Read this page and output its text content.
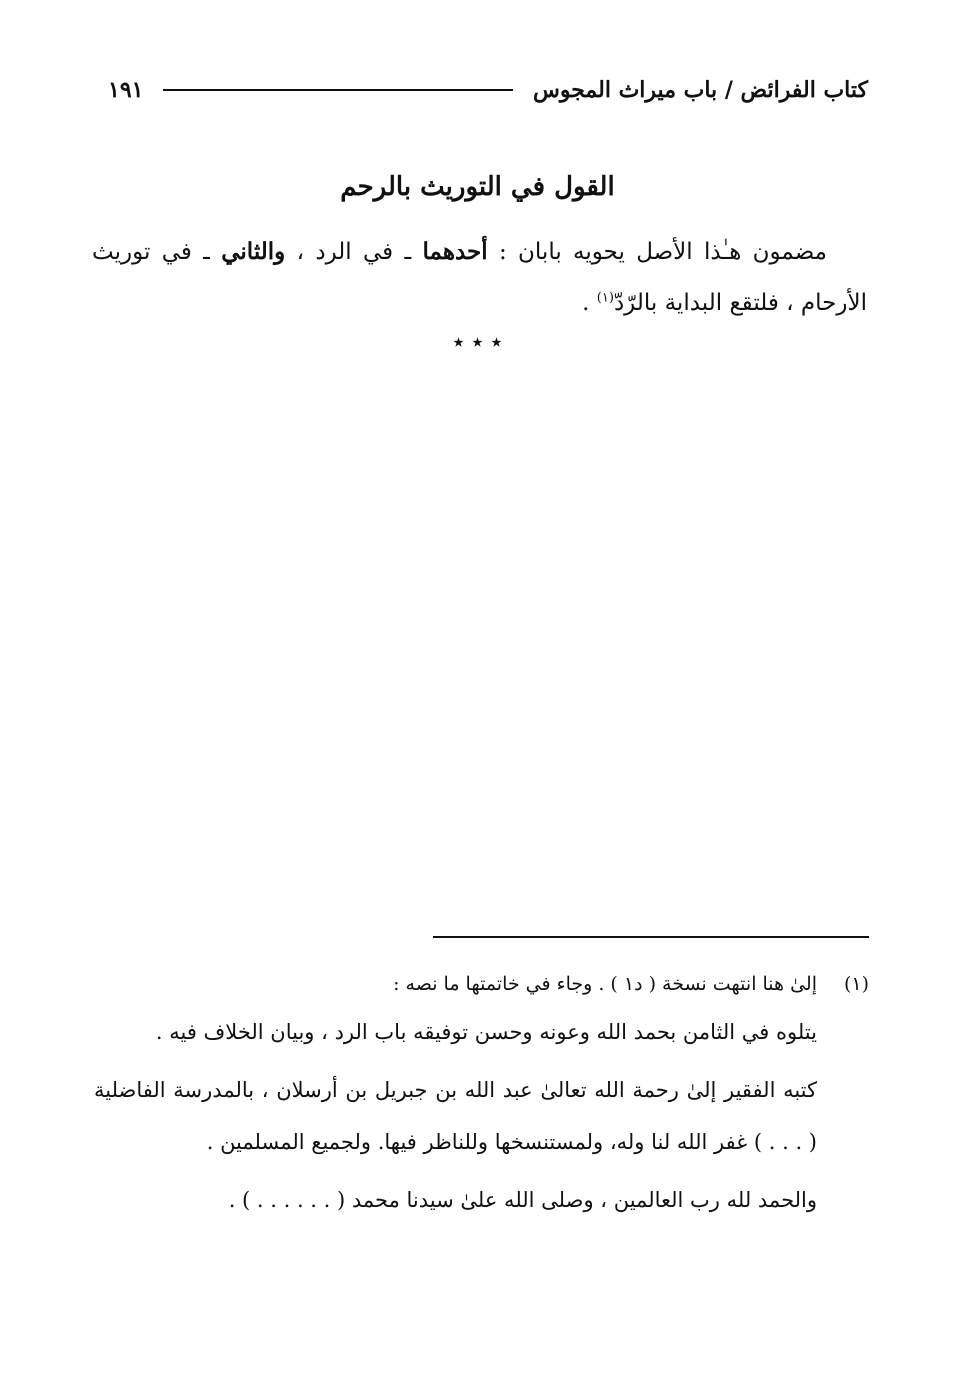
كتاب الفرائض / باب ميراث المجوس
١٩١
القول في التوريث بالرحم

مضمون هـٰذا الأصل يحويه بابان : أحدهما ـ في الرد ، والثاني ـ في توريث الأرحام ، فلتقع البداية بالرّدّ$^{(١)}$ .

٭ ٭ ٭
(١)
إلىٰ هنا انتهت نسخة ( د١ ) . وجاء في خاتمتها ما نصه :

يتلوه في الثامن بحمد الله وعونه وحسن توفيقه باب الرد ، وبيان الخلاف فيه .

كتبه الفقير إلىٰ رحمة الله تعالىٰ عبد الله بن جبريل بن أرسلان ، بالمدرسة الفاضلية ( . . . ) غفر الله لنا وله، ولمستنسخها وللناظر فيها. ولجميع المسلمين .

والحمد لله رب العالمين ، وصلى الله علىٰ سيدنا محمد ( . . . . . . ) .
